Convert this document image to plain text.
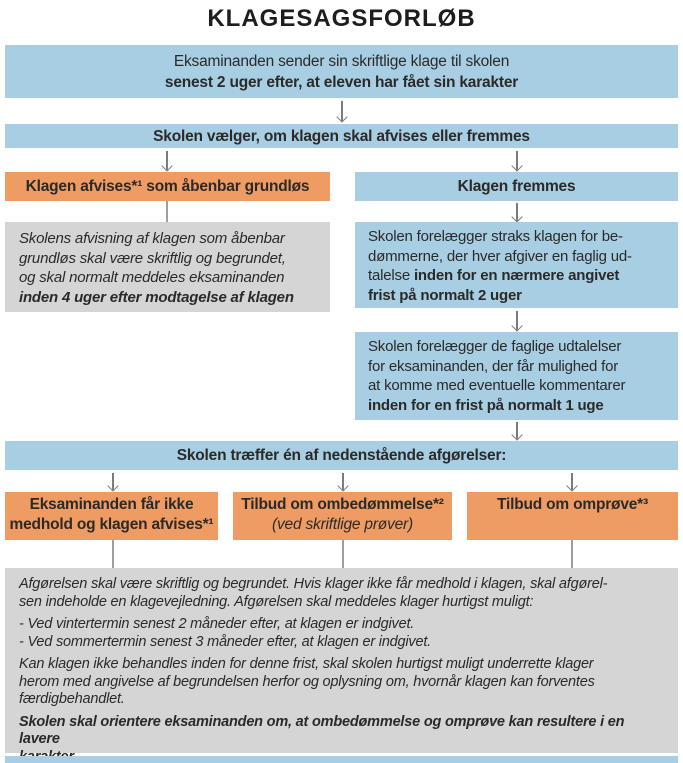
KLAGESAGSFORLØB
Eksaminanden sender sin skriftlige klage til skolen
senest 2 uger efter, at eleven har fået sin karakter
Skolen vælger, om klagen skal afvises eller fremmes
Klagen afvises*¹ som åbenbar grundløs	Klagen fremmes
Skolens afvisning af klagen som åbenbar
grundløs skal være skriftlig og begrundet,
og skal normalt meddeles eksaminanden
inden 4 uger efter modtagelse af klagen
Skolen forelægger straks klagen for be-
dømmerne, der hver afgiver en faglig ud-
talelse inden for en nærmere angivet
frist på normalt 2 uger
Skolen forelægger de faglige udtalelser
for eksaminanden, der får mulighed for
at komme med eventuelle kommentarer
inden for en frist på normalt 1 uge
Skolen træffer én af nedenstående afgørelser:
Eksaminanden får ikke
medhold og klagen afvises*¹
Tilbud om ombedømmelse*²
(ved skriftlige prøver)
Tilbud om omprøve*³
Afgørelsen skal være skriftlig og begrundet. Hvis klager ikke får medhold i klagen, skal afgørel-
sen indeholde en klagevejledning. Afgørelsen skal meddeles klager hurtigst muligt:
- Ved vintertermin senest 2 måneder efter, at klagen er indgivet.
- Ved sommertermin senest 3 måneder efter, at klagen er indgivet.
Kan klagen ikke behandles inden for denne frist, skal skolen hurtigst muligt underrette klager
herom med angivelse af begrundelsen herfor og oplysning om, hvornår klagen kan forventes
færdigbehandlet.
Skolen skal orientere eksaminanden om, at ombedømmelse og omprøve kan resultere i en lavere
